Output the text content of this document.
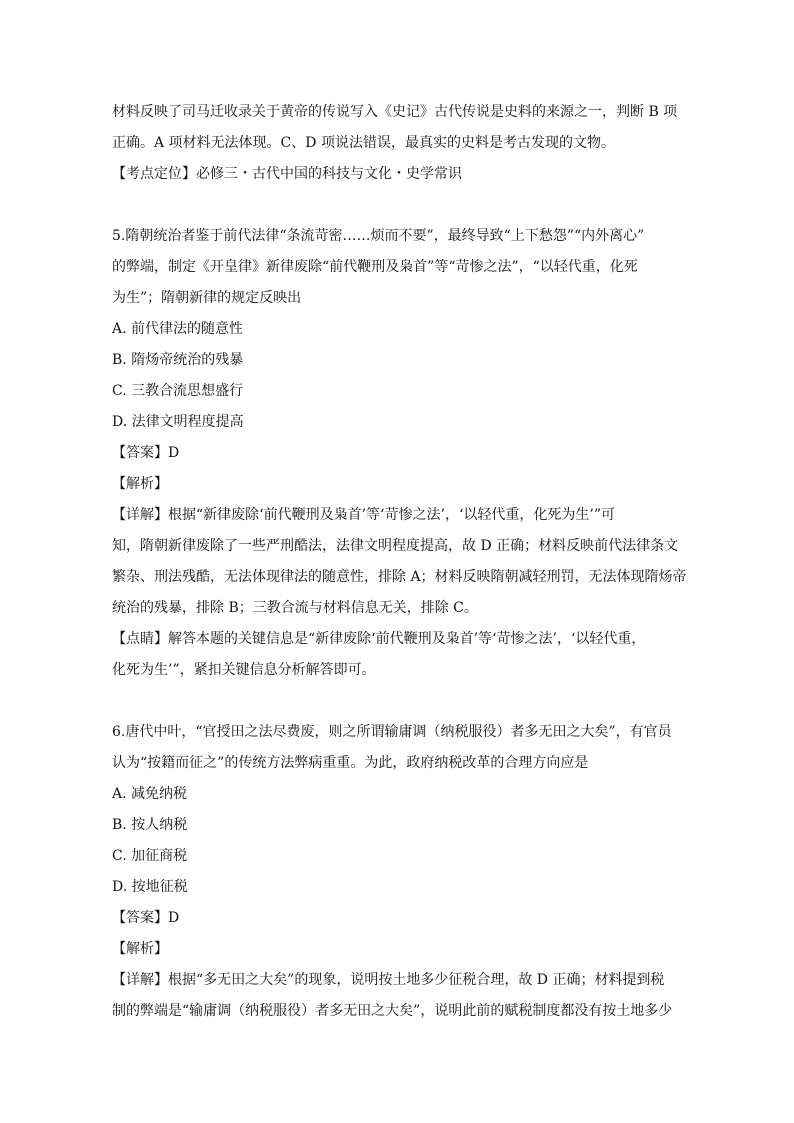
材料反映了司马迁收录关于黄帝的传说写入《史记》古代传说是史料的来源之一，判断 B 项

正确。A 项材料无法体现。C、D 项说法错误，最真实的史料是考古发现的文物。

【考点定位】必修三・古代中国的科技与文化・史学常识

5.隋朝统治者鉴于前代法律“条流苛密……烦而不要”，最终导致“上下愁怨”“内外离心”

的弊端，制定《开皇律》新律废除“前代鞭刑及枭首”等“苛惨之法”，“以轻代重，化死

为生”；隋朝新律的规定反映出

A. 前代律法的随意性

B. 隋炀帝统治的残暴

C. 三教合流思想盛行

D. 法律文明程度提高

【答案】D

【解析】

【详解】根据“新律废除‘前代鞭刑及枭首’等‘苛惨之法’，‘以轻代重，化死为生’”可

知，隋朝新律废除了一些严刑酷法，法律文明程度提高，故 D 正确；材料反映前代法律条文

繁杂、刑法残酷，无法体现律法的随意性，排除 A；材料反映隋朝减轻刑罚，无法体现隋炀帝

统治的残暴，排除 B；三教合流与材料信息无关，排除 C。

【点睛】解答本题的关键信息是“新律废除‘前代鞭刑及枭首’等‘苛惨之法’，‘以轻代重，

化死为生’”，紧扣关键信息分析解答即可。

6.唐代中叶，“官授田之法尽费废，则之所谓输庸调（纳税服役）者多无田之大矣”，有官员

认为“按籍而征之”的传统方法弊病重重。为此，政府纳税改革的合理方向应是

A. 减免纳税

B. 按人纳税

C. 加征商税

D. 按地征税

【答案】D

【解析】

【详解】根据“多无田之大矣”的现象，说明按土地多少征税合理，故 D 正确；材料提到税

制的弊端是“输庸调（纳税服役）者多无田之大矣”，说明此前的赋税制度都没有按土地多少
